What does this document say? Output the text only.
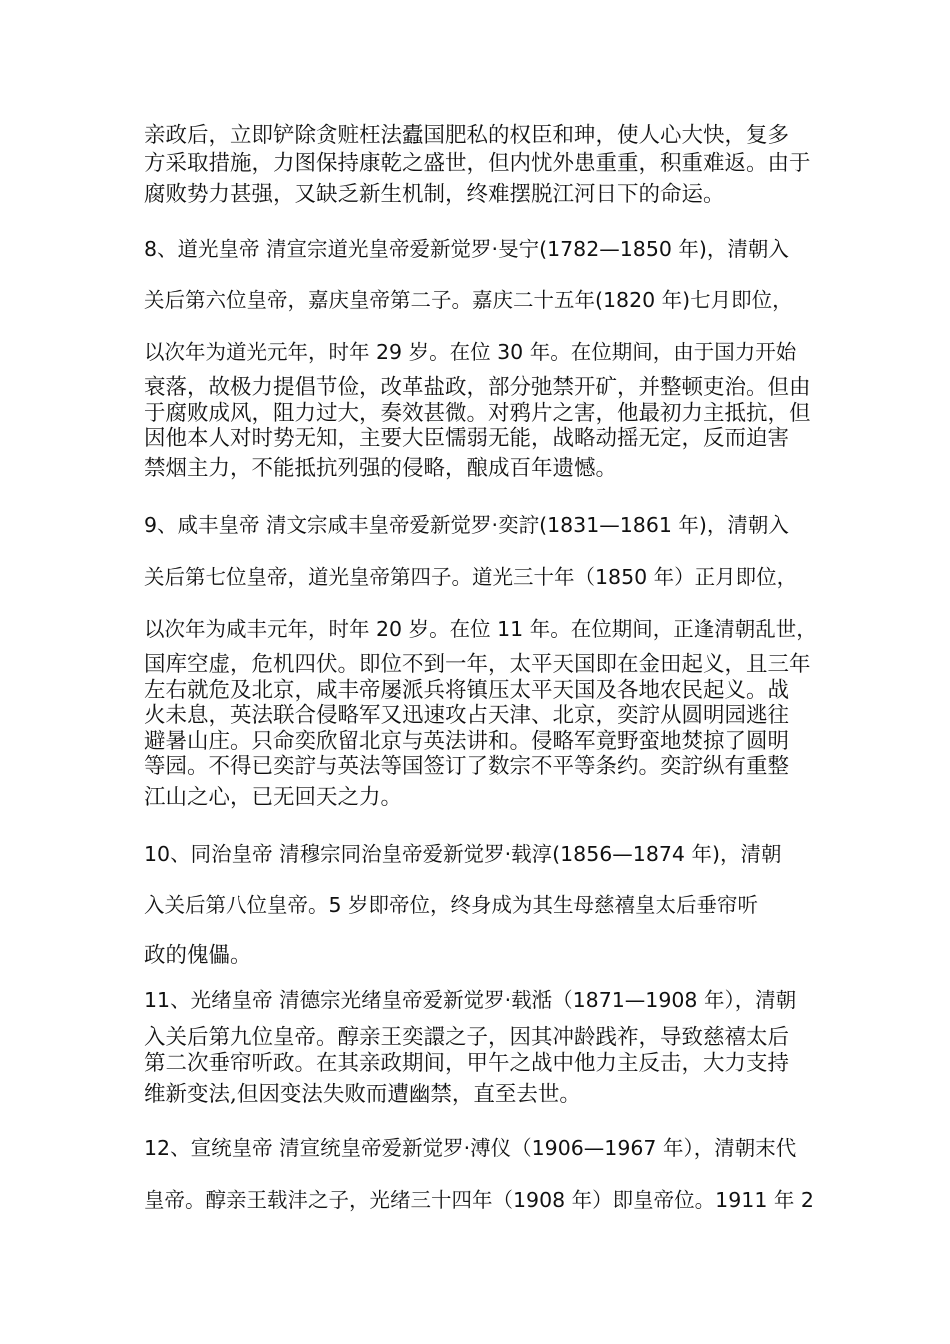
亲政后，立即铲除贪赃枉法蠹国肥私的权臣和珅，使人心大快，复多
方采取措施，力图保持康乾之盛世，但内忧外患重重，积重难返。由于
腐败势力甚强，又缺乏新生机制，终难摆脱江河日下的命运。
8、道光皇帝 清宣宗道光皇帝爱新觉罗·旻宁(1782—1850 年)，清朝入
关后第六位皇帝，嘉庆皇帝第二子。嘉庆二十五年(1820 年)七月即位，
以次年为道光元年，时年 29 岁。在位 30 年。在位期间，由于国力开始
衰落，故极力提倡节俭，改革盐政，部分弛禁开矿，并整顿吏治。但由
于腐败成风，阻力过大，奏效甚微。对鸦片之害，他最初力主抵抗，但
因他本人对时势无知，主要大臣懦弱无能，战略动摇无定，反而迫害
禁烟主力，不能抵抗列强的侵略，酿成百年遗憾。
9、咸丰皇帝 清文宗咸丰皇帝爱新觉罗·奕詝(1831—1861 年)，清朝入
关后第七位皇帝，道光皇帝第四子。道光三十年（1850 年）正月即位，
以次年为咸丰元年，时年 20 岁。在位 11 年。在位期间，正逢清朝乱世，
国库空虚，危机四伏。即位不到一年，太平天国即在金田起义，且三年
左右就危及北京，咸丰帝屡派兵将镇压太平天国及各地农民起义。战
火未息，英法联合侵略军又迅速攻占天津、北京，奕詝从圆明园逃往
避暑山庄。只命奕欣留北京与英法讲和。侵略军竟野蛮地焚掠了圆明
等园。不得已奕詝与英法等国签订了数宗不平等条约。奕詝纵有重整
江山之心，已无回天之力。
10、同治皇帝 清穆宗同治皇帝爱新觉罗·载淳(1856—1874 年)，清朝
入关后第八位皇帝。5 岁即帝位，终身成为其生母慈禧皇太后垂帘听
政的傀儡。
11、光绪皇帝 清德宗光绪皇帝爱新觉罗·载湉（1871—1908 年），清朝
入关后第九位皇帝。醇亲王奕譞之子，因其冲龄践祚，导致慈禧太后
第二次垂帘听政。在其亲政期间，甲午之战中他力主反击，大力支持
维新变法,但因变法失败而遭幽禁，直至去世。
12、宣统皇帝 清宣统皇帝爱新觉罗·溥仪（1906—1967 年），清朝末代
皇帝。醇亲王载沣之子，光绪三十四年（1908 年）即皇帝位。1911 年 2
